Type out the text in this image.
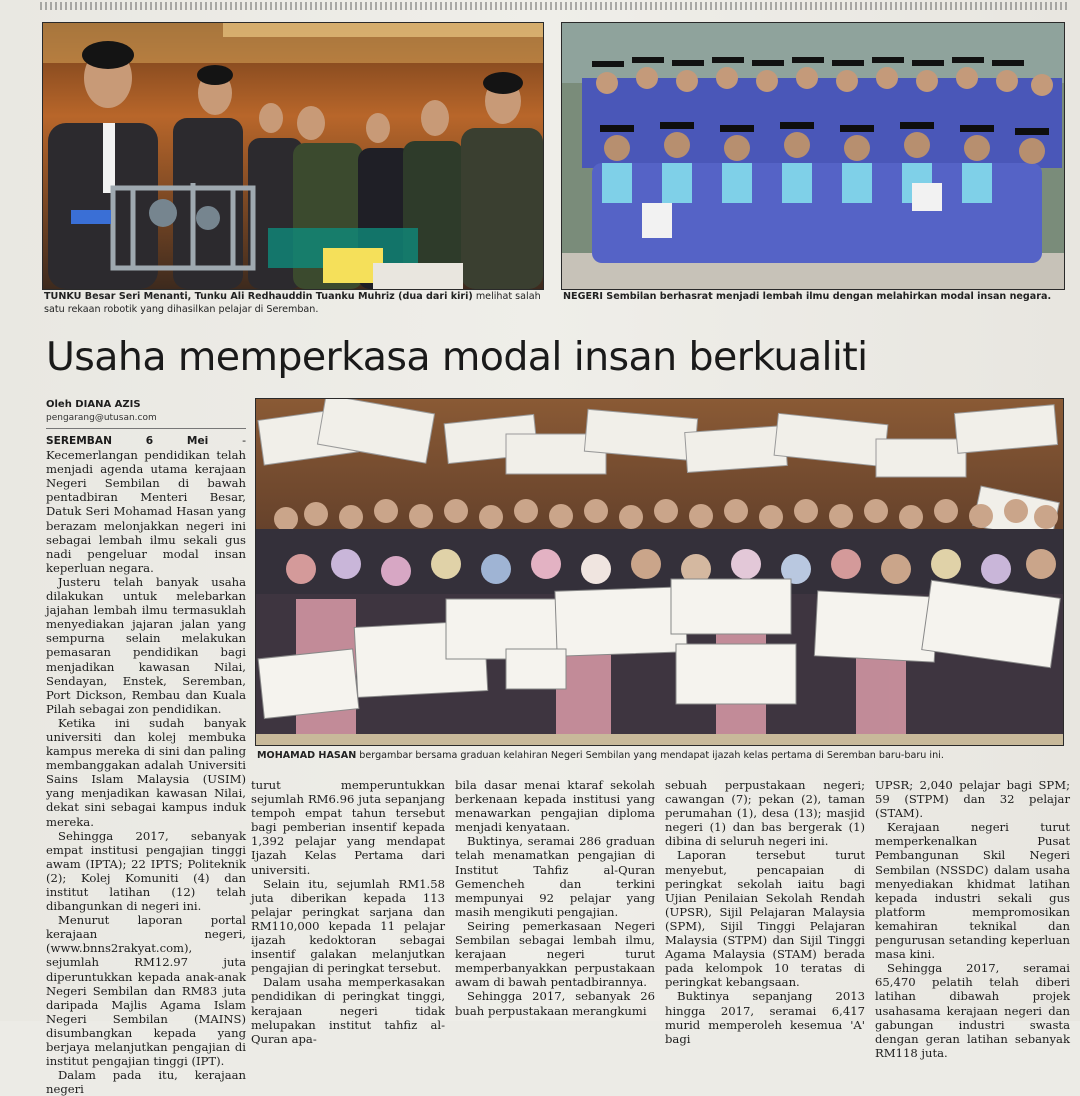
TUNKU Besar Seri Menanti, Tunku Ali Redhauddin Tuanku Muhriz (dua dari kiri) melihat salah satu rekaan robotik yang dihasilkan pelajar di Seremban.

NEGERI Sembilan berhasrat menjadi lembah ilmu dengan melahirkan modal insan negara.

Usaha memperkasa modal insan berkualiti
Oleh DIANA AZIS
pengarang@utusan.com

MOHAMAD HASAN bergambar bersama graduan kelahiran Negeri Sembilan yang mendapat ijazah kelas pertama di Seremban baru-baru ini.

SEREMBAN 6 Mei - Kecemerlangan pendidikan telah menjadi agenda utama kerajaan Negeri Sembilan di bawah pentadbiran Menteri Besar, Datuk Seri Mohamad Hasan yang berazam melonjakkan negeri ini sebagai lembah ilmu sekali gus nadi pengeluar modal insan keperluan negara.

Justeru telah banyak usaha dilakukan untuk melebarkan jajahan lembah ilmu termasuklah menyediakan jajaran jalan yang sempurna selain melakukan pemasaran pendidikan bagi menjadikan kawasan Nilai, Sendayan, Enstek, Seremban, Port Dickson, Rembau dan Kuala Pilah sebagai zon pendidikan.

Ketika ini sudah banyak universiti dan kolej membuka kampus mereka di sini dan paling membanggakan adalah Universiti Sains Islam Malaysia (USIM) yang menjadikan kawasan Nilai, dekat sini sebagai kampus induk mereka.

Sehingga 2017, sebanyak empat institusi pengajian tinggi awam (IPTA); 22 IPTS; Politeknik (2); Kolej Komuniti (4) dan institut latihan (12) telah dibangunkan di negeri ini.

Menurut laporan portal kerajaan negeri, (www.bnns2rakyat.com), sejumlah RM12.97 juta diperuntukkan kepada anak-anak Negeri Sembilan dan RM83 juta daripada Majlis Agama Islam Negeri Sembilan (MAINS) disumbangkan kepada yang berjaya melanjutkan pengajian di institut pengajian tinggi (IPT).

Dalam pada itu, kerajaan negeri

turut memperuntukkan sejumlah RM6.96 juta sepanjang tempoh empat tahun tersebut bagi pemberian insentif kepada 1,392 pelajar yang mendapat Ijazah Kelas Pertama dari universiti.

Selain itu, sejumlah RM1.58 juta diberikan kepada 113 pelajar peringkat sarjana dan RM110,000 kepada 11 pelajar ijazah kedoktoran sebagai insentif galakan melanjutkan pengajian di peringkat tersebut.

Dalam usaha memperkasakan pendidikan di peringkat tinggi, kerajaan negeri tidak melupakan institut tahfiz al-Quran apa-

bila dasar menai ktaraf sekolah berkenaan kepada institusi yang menawarkan pengajian diploma menjadi kenyataan.

Buktinya, seramai 286 graduan telah menamatkan pengajian di Institut Tahfiz al-Quran Gemencheh dan terkini mempunyai 92 pelajar yang masih mengikuti pengajian.

Seiring pemerkasaan Negeri Sembilan sebagai lembah ilmu, kerajaan negeri turut memperbanyakkan perpustakaan awam di bawah pentadbirannya.

Sehingga 2017, sebanyak 26 buah perpustakaan merangkumi

sebuah perpustakaan negeri; cawangan (7); pekan (2), taman perumahan (1), desa (13); masjid negeri (1) dan bas bergerak (1) dibina di seluruh negeri ini.

Laporan tersebut turut menyebut, pencapaian di peringkat sekolah iaitu bagi Ujian Penilaian Sekolah Rendah (UPSR), Sijil Pelajaran Malaysia (SPM), Sijil Tinggi Pelajaran Malaysia (STPM) dan Sijil Tinggi Agama Malaysia (STAM) berada pada kelompok 10 teratas di peringkat kebangsaan.

Buktinya sepanjang 2013 hingga 2017, seramai 6,417 murid memperoleh kesemua 'A' bagi

UPSR; 2,040 pelajar bagi SPM; 59 (STPM) dan 32 pelajar (STAM).

Kerajaan negeri turut memperkenalkan Pusat Pembangunan Skil Negeri Sembilan (NSSDC) dalam usaha menyediakan khidmat latihan kepada industri sekali gus platform mempromosikan kemahiran teknikal dan pengurusan setanding keperluan masa kini.

Sehingga 2017, seramai 65,470 pelatih telah diberi latihan dibawah projek usahasama kerajaan negeri dan gabungan industri swasta dengan geran latihan sebanyak RM118 juta.
